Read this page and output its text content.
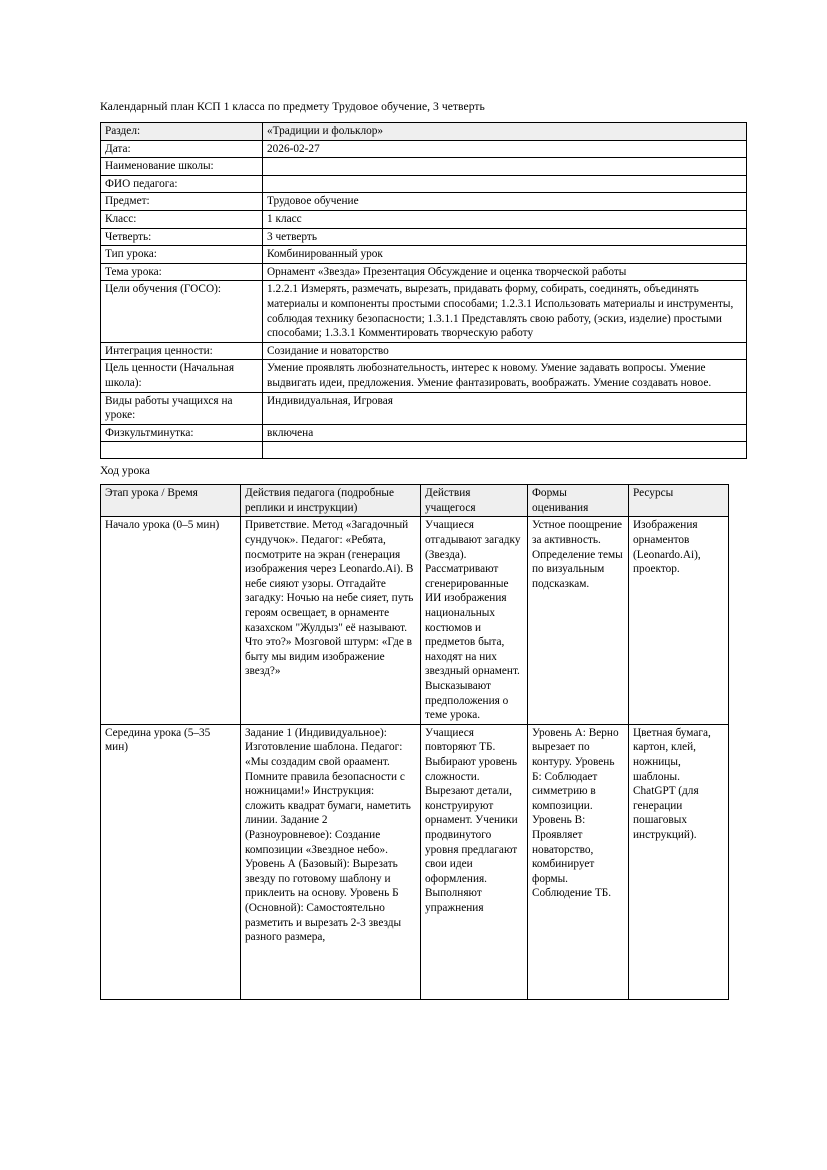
Календарный план КСП 1 класса по предмету Трудовое обучение, 3 четверть

Раздел:	«Традиции и фольклор»
Дата:	2026-02-27
Наименование школы:	
ФИО педагога:	
Предмет:	Трудовое обучение
Класс:	1 класс
Четверть:	3 четверть
Тип урока:	Комбинированный урок
Тема урока:	Орнамент «Звезда» Презентация Обсуждение и оценка творческой работы
Цели обучения (ГОСО):	1.2.2.1 Измерять, размечать, вырезать, придавать форму, собирать, соединять, объединять материалы и компоненты простыми способами; 1.2.3.1 Использовать материалы и инструменты, соблюдая технику безопасности; 1.3.1.1 Представлять свою работу, (эскиз, изделие) простыми способами; 1.3.3.1 Комментировать творческую работу
Интеграция ценности:	Созидание и новаторство
Цель ценности (Начальная школа):	Умение проявлять любознательность, интерес к новому. Умение задавать вопросы. Умение выдвигать идеи, предложения. Умение фантазировать, воображать. Умение создавать новое.
Виды работы учащихся на уроке:	Индивидуальная, Игровая
Физкультминутка:	включена

Ход урока

Этап урока / Время	Действия педагога (подробные реплики и инструкции)	Действия учащегося	Формы оценивания	Ресурсы
Начало урока (0–5 мин)	Приветствие. Метод «Загадочный сундучок». Педагог: «Ребята, посмотрите на экран (генерация изображения через Leonardo.Ai). В небе сияют узоры. Отгадайте загадку: Ночью на небе сияет, путь героям освещает, в орнаменте казахском "Жулдыз" её называют. Что это?» Мозговой штурм: «Где в быту мы видим изображение звезд?»	Учащиеся отгадывают загадку (Звезда). Рассматривают сгенерированные ИИ изображения национальных костюмов и предметов быта, находят на них звездный орнамент. Высказывают предположения о теме урока.	Устное поощрение за активность. Определение темы по визуальным подсказкам.	Изображения орнаментов (Leonardo.Ai), проектор.

Середина урока (5–35 мин)	Задание 1 (Индивидуальное): Изготовление шаблона. Педагог: «Мы создадим свой ораамент. Помните правила безопасности с ножницами!» Инструкция: сложить квадрат бумаги, наметить линии. Задание 2 (Разноуровневое): Создание композиции «Звездное небо». Уровень А (Базовый): Вырезать звезду по готовому шаблону и приклеить на основу. Уровень Б (Основной): Самостоятельно разметить и вырезать 2-3 звезды разного размера,	Учащиеся повторяют ТБ. Выбирают уровень сложности. Вырезают детали, конструируют орнамент. Ученики продвинутого уровня предлагают свои идеи оформления. Выполняют упражнения	Уровень А: Верно вырезает по контуру. Уровень Б: Соблюдает симметрию в композиции. Уровень В: Проявляет новаторство, комбинирует формы. Соблюдение ТБ.	Цветная бумага, картон, клей, ножницы, шаблоны. ChatGPT (для генерации пошаговых инструкций).
